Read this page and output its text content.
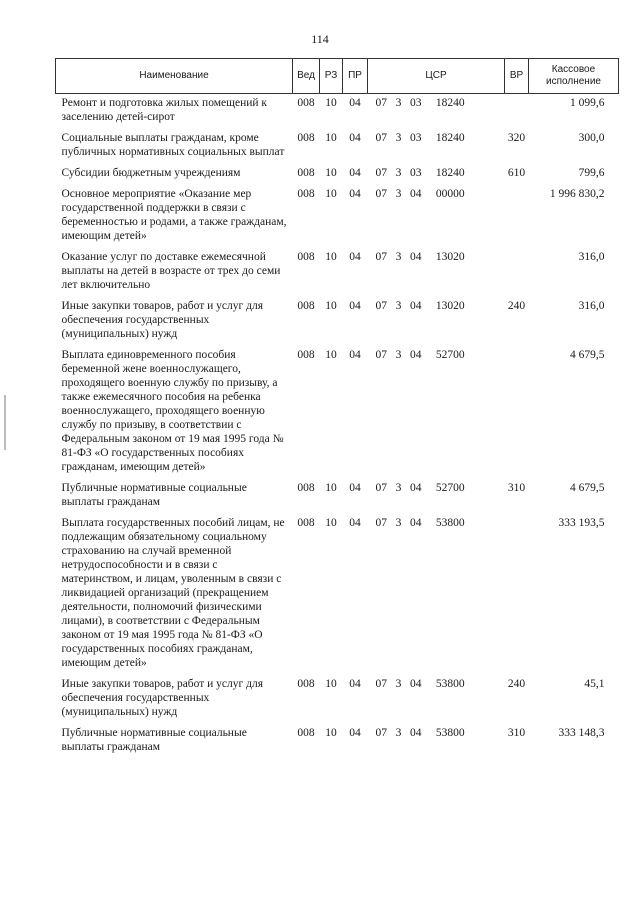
114
Наименование	Вед	РЗ	ПР	ЦСР	ВР	Кассовое исполнение
Ремонт и подготовка жилых помещений к заселению детей-сирот	008	10	04	07   3   03     18240		1 099,6
Социальные выплаты гражданам, кроме публичных нормативных социальных выплат	008	10	04	07   3   03     18240	320	300,0
Субсидии бюджетным учреждениям	008	10	04	07   3   03     18240	610	799,6
Основное мероприятие «Оказание мер государственной поддержки в связи с беременностью и родами, а также гражданам, имеющим детей»	008	10	04	07   3   04     00000		1 996 830,2
Оказание услуг по доставке ежемесячной выплаты на детей в возрасте от трех до семи лет включительно	008	10	04	07   3   04     13020		316,0
Иные закупки товаров, работ и услуг для обеспечения государственных (муниципальных) нужд	008	10	04	07   3   04     13020	240	316,0
Выплата единовременного пособия беременной жене военнослужащего, проходящего военную службу по призыву, а также ежемесячного пособия на ребенка военнослужащего, проходящего военную службу по призыву, в соответствии с Федеральным законом от 19 мая 1995 года № 81-ФЗ «О государственных пособиях гражданам, имеющим детей»	008	10	04	07   3   04     52700		4 679,5
Публичные нормативные социальные выплаты гражданам	008	10	04	07   3   04     52700	310	4 679,5
Выплата государственных пособий лицам, не подлежащим обязательному социальному страхованию на случай временной нетрудоспособности и в связи с материнством, и лицам, уволенным в связи с ликвидацией организаций (прекращением деятельности, полномочий физическими лицами), в соответствии с Федеральным законом от 19 мая 1995 года № 81-ФЗ «О государственных пособиях гражданам, имеющим детей»	008	10	04	07   3   04     53800		333 193,5
Иные закупки товаров, работ и услуг для обеспечения государственных (муниципальных) нужд	008	10	04	07   3   04     53800	240	45,1
Публичные нормативные социальные выплаты гражданам	008	10	04	07   3   04     53800	310	333 148,3
